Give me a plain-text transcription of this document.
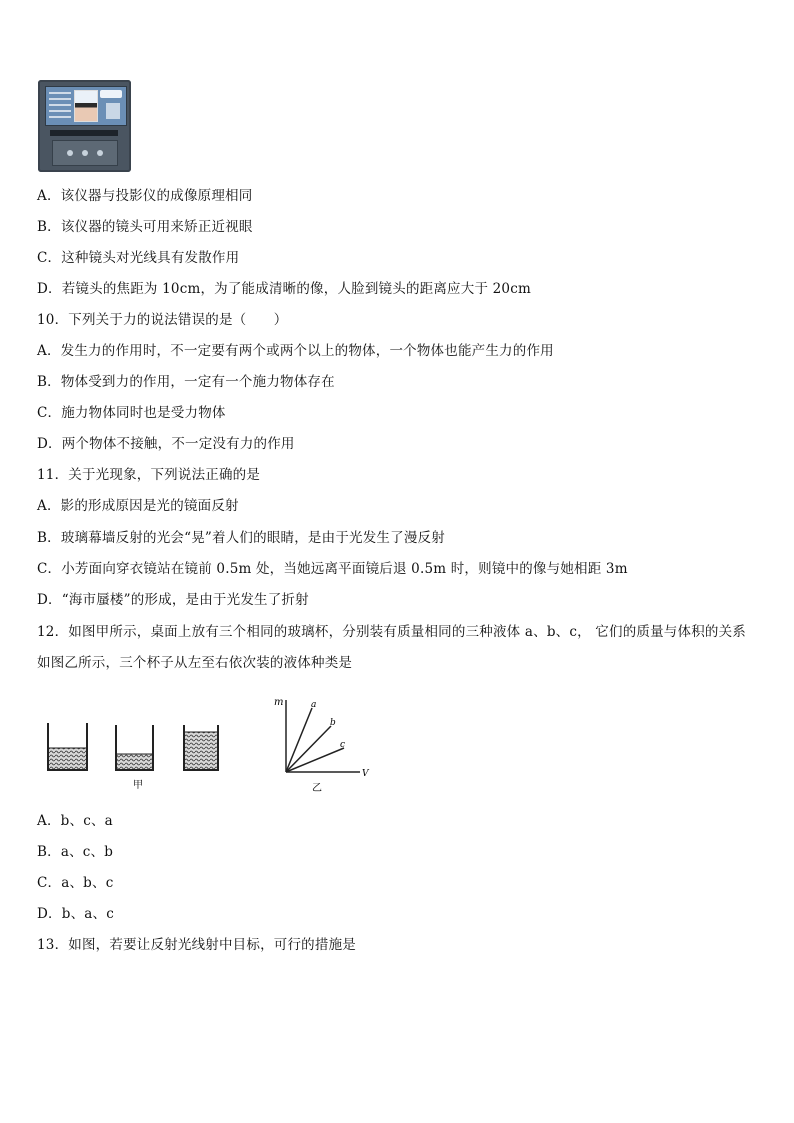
A．该仪器与投影仪的成像原理相同
B．该仪器的镜头可用来矫正近视眼
C．这种镜头对光线具有发散作用
D．若镜头的焦距为 10cm，为了能成清晰的像，人脸到镜头的距离应大于 20cm
10．下列关于力的说法错误的是（　　）
A．发生力的作用时，不一定要有两个或两个以上的物体，一个物体也能产生力的作用
B．物体受到力的作用，一定有一个施力物体存在
C．施力物体同时也是受力物体
D．两个物体不接触，不一定没有力的作用
11．关于光现象，下列说法正确的是
A．影的形成原因是光的镜面反射
B．玻璃幕墙反射的光会“晃”着人们的眼睛，是由于光发生了漫反射
C．小芳面向穿衣镜站在镜前 0.5m 处，当她远离平面镜后退 0.5m 时，则镜中的像与她相距 3m
D．“海市蜃楼”的形成，是由于光发生了折射
12．如图甲所示，桌面上放有三个相同的玻璃杯，分别装有质量相同的三种液体 a、b、c， 它们的质量与体积的关系
如图乙所示，三个杯子从左至右依次装的液体种类是
甲
m
V
a
b
c
乙
A．b、c、a
B．a、c、b
C．a、b、c
D．b、a、c
13．如图，若要让反射光线射中目标，可行的措施是
